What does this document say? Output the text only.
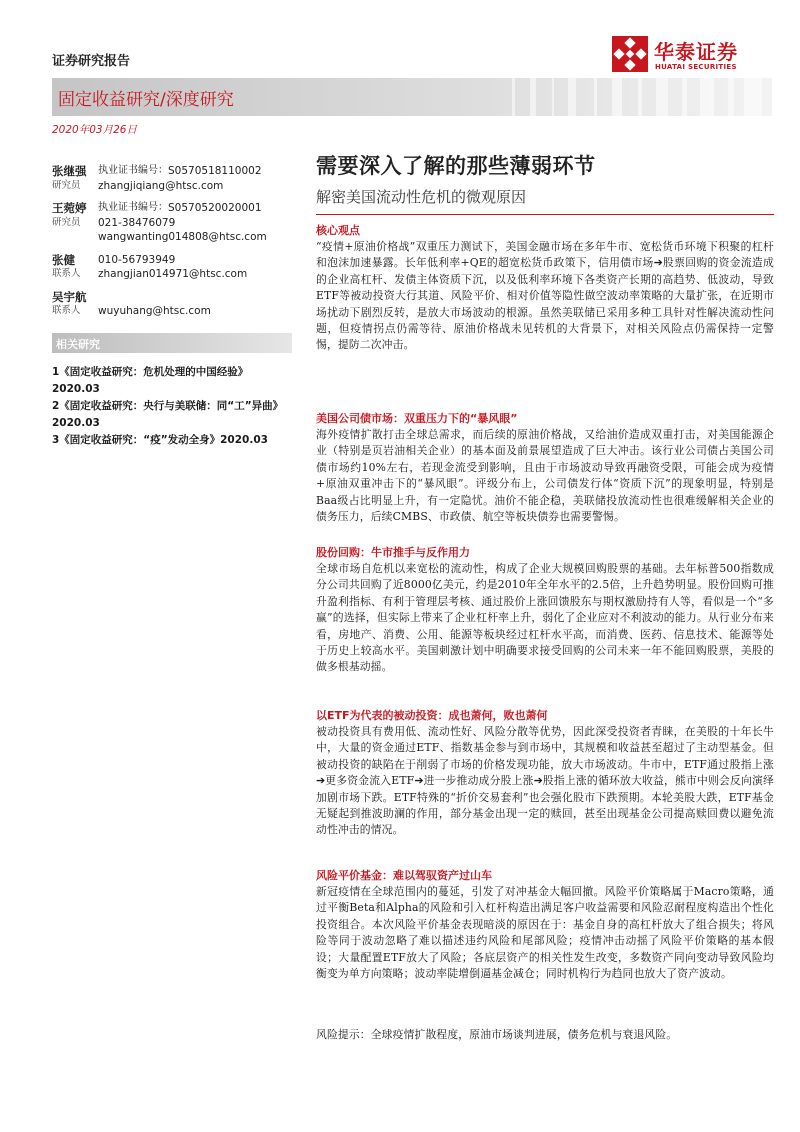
证券研究报告	华泰证券
HUATAI SECURITIES
固定收益研究/深度研究
2020年03月26日
张继强	执业证书编号： S0570518110002
研究员	zhangjiqiang@htsc.com
王菀婷	执业证书编号： S0570520020001
研究员	021-38476079
wangwanting014808@htsc.com
张健	010-56793949
联系人	zhangjian014971@htsc.com
吴宇航
联系人	wuyuhang@htsc.com
相关研究
1《固定收益研究：危机处理的中国经验》2020.03
2《固定收益研究：央行与美联储：同“工”异曲》2020.03
3《固定收益研究：“疫”发动全身》2020.03
需要深入了解的那些薄弱环节
解密美国流动性危机的微观原因
核心观点
“疫情+原油价格战”双重压力测试下，美国金融市场在多年牛市、宽松货币环境下积聚的杠杆和泡沫加速暴露。长年低利率+QE的超宽松货币政策下，信用债市场➔股票回购的资金流造成的企业高杠杆、发债主体资质下沉，以及低利率环境下各类资产长期的高趋势、低波动，导致ETF等被动投资大行其道、风险平价、相对价值等隐性做空波动率策略的大量扩张，在近期市场扰动下剧烈反转，是放大市场波动的根源。虽然美联储已采用多种工具针对性解决流动性问题，但疫情拐点仍需等待、原油价格战未见转机的大背景下，对相关风险点仍需保持一定警惕，提防二次冲击。
美国公司债市场：双重压力下的“暴风眼”
海外疫情扩散打击全球总需求，而后续的原油价格战，又给油价造成双重打击，对美国能源企业（特别是页岩油相关企业）的基本面及前景展望造成了巨大冲击。该行业公司债占美国公司债市场约10%左右，若现金流受到影响，且由于市场波动导致再融资受限，可能会成为疫情+原油双重冲击下的“暴风眼”。评级分布上，公司债发行体“资质下沉”的现象明显，特别是Baa级占比明显上升，有一定隐忧。油价不能企稳，美联储投放流动性也很难缓解相关企业的债务压力，后续CMBS、市政债、航空等板块债券也需要警惕。
股份回购：牛市推手与反作用力
全球市场自危机以来宽松的流动性，构成了企业大规模回购股票的基础。去年标普500指数成分公司共回购了近8000亿美元，约是2010年全年水平的2.5倍，上升趋势明显。股份回购可推升盈利指标、有利于管理层考核、通过股价上涨回馈股东与期权激励持有人等，看似是一个“多赢”的选择，但实际上带来了企业杠杆率上升，弱化了企业应对不利波动的能力。从行业分布来看，房地产、消费、公用、能源等板块经过杠杆水平高，而消费、医药、信息技术、能源等处于历史上较高水平。美国刺激计划中明确要求接受回购的公司未来一年不能回购股票，美股的做多根基动摇。
以ETF为代表的被动投资：成也萧何，败也萧何
被动投资具有费用低、流动性好、风险分散等优势，因此深受投资者青睐，在美股的十年长牛中，大量的资金通过ETF、指数基金参与到市场中，其规模和收益甚至超过了主动型基金。但被动投资的缺陷在于削弱了市场的价格发现功能，放大市场波动。牛市中，ETF通过股指上涨➔更多资金流入ETF➔进一步推动成分股上涨➔股指上涨的循环放大收益，熊市中则会反向演绎加剧市场下跌。ETF特殊的“折价交易套利”也会强化股市下跌预期。本轮美股大跌，ETF基金无疑起到推波助澜的作用，部分基金出现一定的赎回，甚至出现基金公司提高赎回费以避免流动性冲击的情况。
风险平价基金：难以驾驭资产过山车
新冠疫情在全球范围内的蔓延，引发了对冲基金大幅回撤。风险平价策略属于Macro策略，通过平衡Beta和Alpha的风险和引入杠杆构造出满足客户收益需要和风险忍耐程度构造出个性化投资组合。本次风险平价基金表现暗淡的原因在于：基金自身的高杠杆放大了组合损失；将风险等同于波动忽略了难以描述违约风险和尾部风险；疫情冲击动摇了风险平价策略的基本假设；大量配置ETF放大了风险；各底层资产的相关性发生改变，多数资产同向变动导致风险均衡变为单方向策略；波动率陡增倒逼基金减仓；同时机构行为趋同也放大了资产波动。
风险提示：全球疫情扩散程度，原油市场谈判进展，债务危机与衰退风险。
